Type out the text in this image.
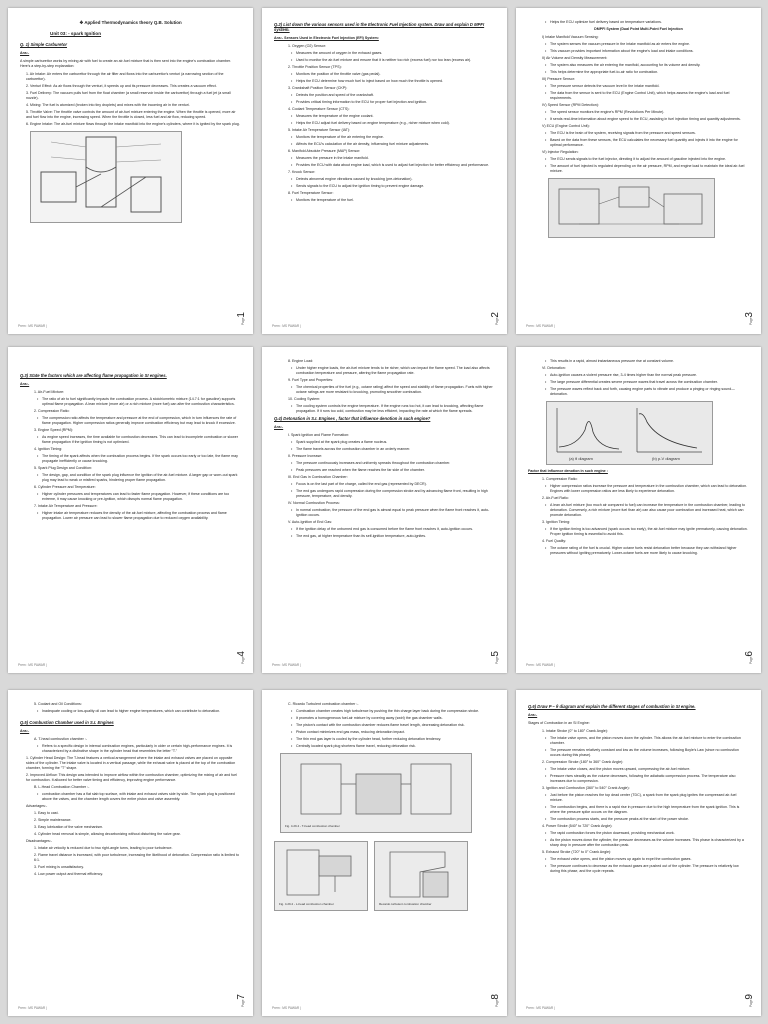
❖ Applied Thermodynamics theory Q.B. Solution
Unit 03: - spark Ignition
Q. 1) Simple Carburetor
Ans:-
A simple carburettor works by mixing air with fuel to create an air-fuel mixture that is then sent into the engine's combustion chamber. Here's a step-by-step explanation:
1. Air Intake: Air enters the carburettor through the air filter and flows into the carburettor's venturi (a narrowing section of the carburettor).
2. Venturi Effect: As air flows through the venturi, it speeds up and its pressure decreases. This creates a vacuum effect.
3. Fuel Delivery: The vacuum pulls fuel from the float chamber (a small reservoir inside the carburettor) through a fuel jet (a small nozzle).
4. Mixing: The fuel is atomized (broken into tiny droplets) and mixes with the incoming air in the venturi.
5. Throttle Valve: The throttle valve controls the amount of air-fuel mixture entering the engine. When the throttle is opened, more air and fuel flow into the engine, increasing speed. When the throttle is closed, less fuel and air flow, reducing speed.
6. Engine Intake: The air-fuel mixture flows through the intake manifold into the engine's cylinders, where it is ignited by the spark plug.
Page1
Prem : MS PAWAR |
Q.2) List down the various sensors used in the Electronic Fuel Injection system. Draw and explain D MPFI system.
Ans:- Sensors Used in Electronic Fuel Injection (EFI) System:
1. Oxygen (O2) Sensor:
• Measures the amount of oxygen in the exhaust gases.
• Used to monitor the air-fuel mixture and ensure that it is neither too rich (excess fuel) nor too lean (excess air).
2. Throttle Position Sensor (TPS):
• Monitors the position of the throttle valve (gas pedal).
• Helps the ECU determine how much fuel to inject based on how much the throttle is opened.
3. Crankshaft Position Sensor (CKP):
• Detects the position and speed of the crankshaft.
• Provides critical timing information to the ECU for proper fuel injection and ignition.
4. Coolant Temperature Sensor (CTS):
• Measures the temperature of the engine coolant.
• Helps the ECU adjust fuel delivery based on engine temperature (e.g., richer mixture when cold).
5. Intake Air Temperature Sensor (IAT):
• Monitors the temperature of the air entering the engine.
• Affects the ECU's calculation of the air density, influencing fuel mixture adjustments.
6. Manifold Absolute Pressure (MAP) Sensor:
• Measures the pressure in the intake manifold.
• Provides the ECU with data about engine load, which is used to adjust fuel injection for better efficiency and performance.
7. Knock Sensor:
• Detects abnormal engine vibrations caused by knocking (pre-detonation).
• Sends signals to the ECU to adjust the ignition timing to prevent engine damage.
8. Fuel Temperature Sensor:
• Monitors the temperature of the fuel.
Page2
Prem : MS PAWAR |
• Helps the ECU optimize fuel delivery based on temperature variations.
DMPFI System (Dual Point Multi-Point Fuel Injection
I) Intake Manifold Vacuum Sensing:
• The system senses the vacuum pressure in the intake manifold as air enters the engine.
• This vacuum provides important information about the engine's load and intake conditions.
II) Air Volume and Density Measurement:
• The system also measures the air entering the manifold, accounting for its volume and density.
• This helps determine the appropriate fuel-to-air ratio for combustion.
III) Pressure Sensor:
• The pressure sensor detects the vacuum level in the intake manifold.
• The data from the sensor is sent to the ECU (Engine Control Unit), which helps assess the engine's load and fuel requirements.
IV) Speed Sensor (RPM Detection):
• The speed sensor monitors the engine's RPM (Revolutions Per Minute).
• It sends real-time information about engine speed to the ECU, assisting in fuel injection timing and quantity adjustments.
V) ECU (Engine Control Unit):
• The ECU is the brain of the system, receiving signals from the pressure and speed sensors.
• Based on the data from these sensors, the ECU calculates the necessary fuel quantity and injects it into the engine for optimal performance.
VI) Injector Regulation:
• The ECU sends signals to the fuel injector, directing it to adjust the amount of gasoline injected into the engine.
• The amount of fuel injected is regulated depending on the air pressure, RPM, and engine load to maintain the ideal air-fuel mixture.
Page3
Prem : MS PAWAR |
Q.3) State the factors which are affecting flame propagation in SI engines.
Ans:-
1. Air-Fuel Mixture:
• The ratio of air to fuel significantly impacts the combustion process. A stoichiometric mixture (14.7:1 for gasoline) supports optimal flame propagation. A lean mixture (more air) or a rich mixture (more fuel) can alter the combustion characteristics.
2. Compression Ratio:
• The compression ratio affects the temperature and pressure at the end of compression, which in turn influences the rate of flame propagation. Higher compression ratios generally improve combustion efficiency but may lead to knock if excessive.
3. Engine Speed (RPM):
• As engine speed increases, the time available for combustion decreases. This can lead to incomplete combustion or slower flame propagation if the ignition timing is not optimized.
4. Ignition Timing:
• The timing of the spark affects when the combustion process begins. If the spark occurs too early or too late, the flame may propagate inefficiently or cause knocking.
5. Spark Plug Design and Condition:
• The design, gap, and condition of the spark plug influence the ignition of the air-fuel mixture. A larger gap or worn-out spark plug may lead to weak or misfired sparks, hindering proper flame propagation.
6. Cylinder Pressure and Temperature:
• Higher cylinder pressures and temperatures can lead to faster flame propagation. However, if these conditions are too extreme, it may cause knocking or pre-ignition, which disrupts normal flame propagation.
7. Intake Air Temperature and Pressure:
• Higher intake air temperature reduces the density of the air-fuel mixture, affecting the combustion process and flame propagation. Lower air pressure can lead to slower flame propagation due to reduced oxygen availability.
Page4
Prem : MS PAWAR |
8. Engine Load:
• Under higher engine loads, the air-fuel mixture tends to be richer, which can impact the flame speed. The load also affects combustion temperature and pressure, altering the flame propagation rate.
9. Fuel Type and Properties:
• The chemical properties of the fuel (e.g., octane rating) affect the speed and stability of flame propagation. Fuels with higher octane ratings are more resistant to knocking, promoting smoother combustion.
10. Cooling System:
• The cooling system controls the engine temperature. If the engine runs too hot, it can lead to knocking, affecting flame propagation. If it runs too cold, combustion may be less efficient, impacting the rate at which the flame spreads.
Q.4) Detonation in S.I. Engines , factor that influence denotion in such engine?
Ans:-
I. Spark Ignition and Flame Formation:
• Spark supplied at the spark plug creates a flame nucleus.
• The flame travels across the combustion chamber in an orderly manner.
II. Pressure Increase:
• The pressure continuously increases and uniformly spreads throughout the combustion chamber.
• Peak pressures are reached when the flame reaches the far side of the chamber.
III. End Gas in Combustion Chamber:
• Focus is on the last part of the charge, called the end gas (represented by DECR).
• The end gas undergoes rapid compression during the compression stroke and by advancing flame front, resulting in high pressure, temperature, and density.
IV. Normal Combustion Process:
• In normal combustion, the pressure of the end gas is almost equal to peak pressure when the flame front reaches it, auto-ignition occurs.
V. Auto-Ignition of End Gas:
• If the ignition delay of the unburned end gas is consumed before the flame front reaches it, auto-ignition occurs.
• The end gas, at higher temperature than its self-ignition temperature, auto-ignites.
Page5
Prem : MS PAWAR |
• This results in a rapid, almost instantaneous pressure rise at constant volume.
VI. Detonation:
• Auto-ignition causes a violent pressure rise, 3-4 times higher than the normal peak pressure.
• The large pressure differential creates severe pressure waves that travel across the combustion chamber.
• The pressure waves reflect back and forth, causing engine parts to vibrate and produce a pinging or ringing sound—detonation.
(a) θ diagram	(b) p-V diagram
Factor that influence denotion in such engine :
1. Compression Ratio:
• Higher compression ratios increase the pressure and temperature in the combustion chamber, which can lead to detonation. Engines with lower compression ratios are less likely to experience detonation.
2. Air-Fuel Ratio:
• A lean air-fuel mixture (too much air compared to fuel) can increase the temperature in the combustion chamber, leading to detonation. Conversely, a rich mixture (more fuel than air) can also cause poor combustion and increased heat, which can promote detonation.
3. Ignition Timing:
• If the ignition timing is too advanced (spark occurs too early), the air-fuel mixture may ignite prematurely, causing detonation. Proper ignition timing is essential to avoid this.
4. Fuel Quality:
• The octane rating of the fuel is crucial. Higher octane fuels resist detonation better because they can withstand higher pressures without igniting prematurely. Lower-octane fuels are more likely to cause knocking.
Page6
Prem : MS PAWAR |
5. Coolant and Oil Conditions:
• Inadequate cooling or low-quality oil can lead to higher engine temperatures, which can contribute to detonation.
Q.5) Combustion Chamber used in S.I. Engines
Ans:-
A. T-head combustion chamber :-
• Refers to a specific design in internal combustion engines, particularly in older or certain high-performance engines. It is characterized by a distinctive shape in the cylinder head that resembles the letter "T."
1. Cylinder Head Design: The T-head features a vertical arrangement where the intake and exhaust valves are placed on opposite sides of the cylinder. The intake valve is located in a vertical passage, while the exhaust valve is placed at the top of the combustion chamber, forming the "T" shape.
2. Improved Airflow: This design was intended to improve airflow within the combustion chamber, optimizing the mixing of air and fuel for combustion. It allowed for better valve timing and efficiency, improving engine performance.
B. L-Head Combustion Chamber :-
• combustion chamber has a flat slab top surface, with intake and exhaust valves side by side. The spark plug is positioned above the valves, and the chamber length covers the entire piston and valve assembly.
Advantages:-
1. Easy to cast.
2. Simple maintenance.
3. Easy lubrication of the valve mechanism.
4. Cylinder head removal is simple, allowing decarbonizing without disturbing the valve gear.
Disadvantages:-
1. Intake air velocity is reduced due to two right-angle turns, leading to poor turbulence.
2. Flame travel distance is increased, with poor turbulence, increasing the likelihood of detonation. Compression ratio is limited to 6:1.
3. Fuel mixing is unsatisfactory.
4. Low power output and thermal efficiency.
Page7
Prem : MS PAWAR |
C. Ricardo Turbulent combustion chamber :-
• Combustion chamber creates high turbulence by pushing the thin charge layer back during the compression stroke.
• It promotes a homogeneous fuel-air mixture by covering away (swirl) the gas chamber walls.
• The piston's contact with the combustion chamber reduces flame travel length, decreasing detonation risk.
• Piston contact minimizes end gas mass, reducing detonation impact.
• The thin end gas layer is cooled by the cylinder head, further reducing detonation tendency.
• Centrally located spark plug shortens flame travel, reducing detonation risk.
Fig. 4.29.4 - T-head combustion chamber
Fig. 4.29.2 - L-head combustion chamber	Recardo turbulent combustion chamber
Page8
Prem : MS PAWAR |
Q.6) Draw P – θ diagram and explain the different stages of combustion in SI engine.
Ans:-
Stages of Combustion in an SI Engine:
1. Intake Stroke (0° to 180° Crank Angle):
• The intake valve opens, and the piston moves down the cylinder. This allows the air-fuel mixture to enter the combustion chamber.
• The pressure remains relatively constant and low as the volume increases, following Boyle's Law (since no combustion occurs during this phase).
2. Compression Stroke (180° to 360° Crank Angle):
• The intake valve closes, and the piston moves upward, compressing the air-fuel mixture.
• Pressure rises steadily as the volume decreases, following the adiabatic compression process. The temperature also increases due to compression.
3. Ignition and Combustion (360° to 540° Crank Angle):
• Just before the piston reaches the top dead center (TDC), a spark from the spark plug ignites the compressed air-fuel mixture.
• The combustion begins, and there is a rapid rise in pressure due to the high temperature from the spark ignition. This is where the pressure spike occurs on the diagram.
• The combustion process starts, and the pressure peaks at the start of the power stroke.
4. Power Stroke (540° to 720° Crank Angle):
• The rapid combustion forces the piston downward, providing mechanical work.
• As the piston moves down the cylinder, the pressure decreases as the volume increases. This phase is characterized by a sharp drop in pressure after the combustion peak.
5. Exhaust Stroke (720° to 0° Crank Angle):
• The exhaust valve opens, and the piston moves up again to expel the combustion gases.
• The pressure continues to decrease as the exhaust gases are pushed out of the cylinder. The pressure is relatively low during this phase, and the cycle repeats.
Page9
Prem : MS PAWAR |
